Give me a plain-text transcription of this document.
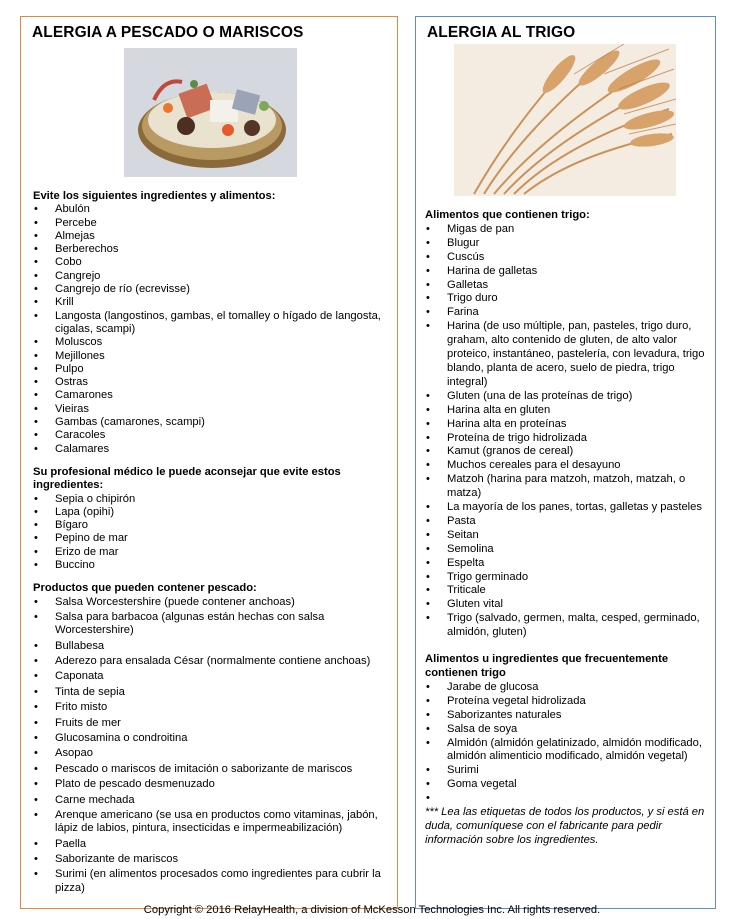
ALERGIA A PESCADO O MARISCOS
Evite los siguientes ingredientes y alimentos:
• Abulón
• Percebe
• Almejas
• Berberechos
• Cobo
• Cangrejo
• Cangrejo de río (ecrevisse)
• Krill
• Langosta (langostinos, gambas, el tomalley o hígado de langosta, cigalas, scampi)
• Moluscos
• Mejillones
• Pulpo
• Ostras
• Camarones
• Vieiras
• Gambas (camarones, scampi)
• Caracoles
• Calamares
Su profesional médico le puede aconsejar que evite estos ingredientes:
• Sepia o chipirón
• Lapa (opihi)
• Bígaro
• Pepino de mar
• Erizo de mar
• Buccino
Productos que pueden contener pescado:
• Salsa Worcestershire (puede contener anchoas)
• Salsa para barbacoa (algunas están hechas con salsa Worcestershire)
• Bullabesa
• Aderezo para ensalada César (normalmente contiene anchoas)
• Caponata
• Tinta de sepia
• Frito misto
• Fruits de mer
• Glucosamina o condroitina
• Asopao
• Pescado o mariscos de imitación o saborizante de mariscos
• Plato de pescado desmenuzado
• Carne mechada
• Arenque americano (se usa en productos como vitaminas, jabón, lápiz de labios, pintura, insecticidas e impermeabilización)
• Paella
• Saborizante de mariscos
• Surimi (en alimentos procesados como ingredientes para cubrir la pizza)
ALERGIA AL TRIGO
Alimentos que contienen trigo:
• Migas de pan
• Blugur
• Cuscús
• Harina de galletas
• Galletas
• Trigo duro
• Farina
• Harina (de uso múltiple, pan, pasteles, trigo duro, graham, alto contenido de gluten, de alto valor proteico, instantáneo, pastelería, con levadura, trigo blando, planta de acero, suelo de piedra, trigo integral)
• Gluten (una de las proteínas de trigo)
• Harina alta en gluten
• Harina alta en proteínas
• Proteína de trigo hidrolizada
• Kamut (granos de cereal)
• Muchos cereales para el desayuno
• Matzoh (harina para matzoh, matzoh, matzah, o matza)
• La mayoría de los panes, tortas, galletas y pasteles
• Pasta
• Seitan
• Semolina
• Espelta
• Trigo germinado
• Triticale
• Gluten vital
• Trigo (salvado, germen, malta, cesped, germinado, almidón, gluten)
Alimentos u ingredientes que frecuentemente contienen trigo
• Jarabe de glucosa
• Proteína vegetal hidrolizada
• Saborizantes naturales
• Salsa de soya
• Almidón (almidón gelatinizado, almidón modificado, almidón alimenticio modificado, almidón vegetal)
• Surimi
• Goma vegetal
•
*** Lea las etiquetas de todos los productos, y si está en duda, comuníquese con el fabricante para pedir información sobre los ingredientes.
Copyright © 2016 RelayHealth, a division of McKesson Technologies Inc. All rights reserved.
